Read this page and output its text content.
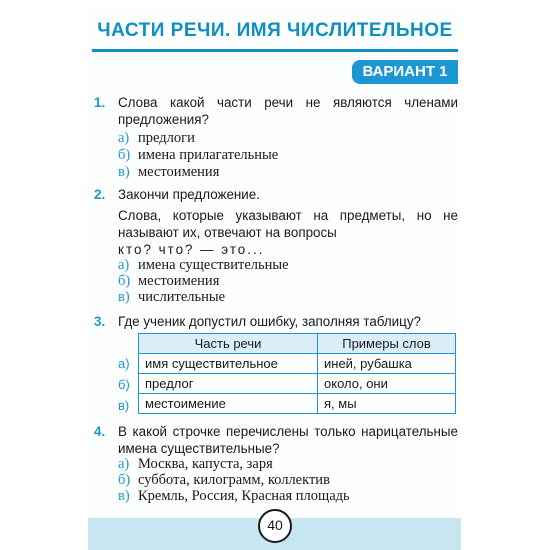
ЧАСТИ РЕЧИ. ИМЯ ЧИСЛИТЕЛЬНОЕ
ВАРИАНТ 1
1. Слова какой части речи не являются членами предложения?
а) предлоги
б) имена прилагательные
в) местоимения
2. Закончи предложение.
Слова, которые указывают на предметы, но не называют их, отвечают на вопросы
кто? что? — это...
а) имена существительные
б) местоимения
в) числительные
3. Где ученик допустил ошибку, заполняя таблицу?
Часть речи	Примеры слов
имя существительное	иней, рубашка
предлог	около, они
местоимение	я, мы
а)
б)
в)
4. В какой строчке перечислены только нарицательные имена существительные?
а) Москва, капуста, заря
б) суббота, килограмм, коллектив
в) Кремль, Россия, Красная площадь
40
